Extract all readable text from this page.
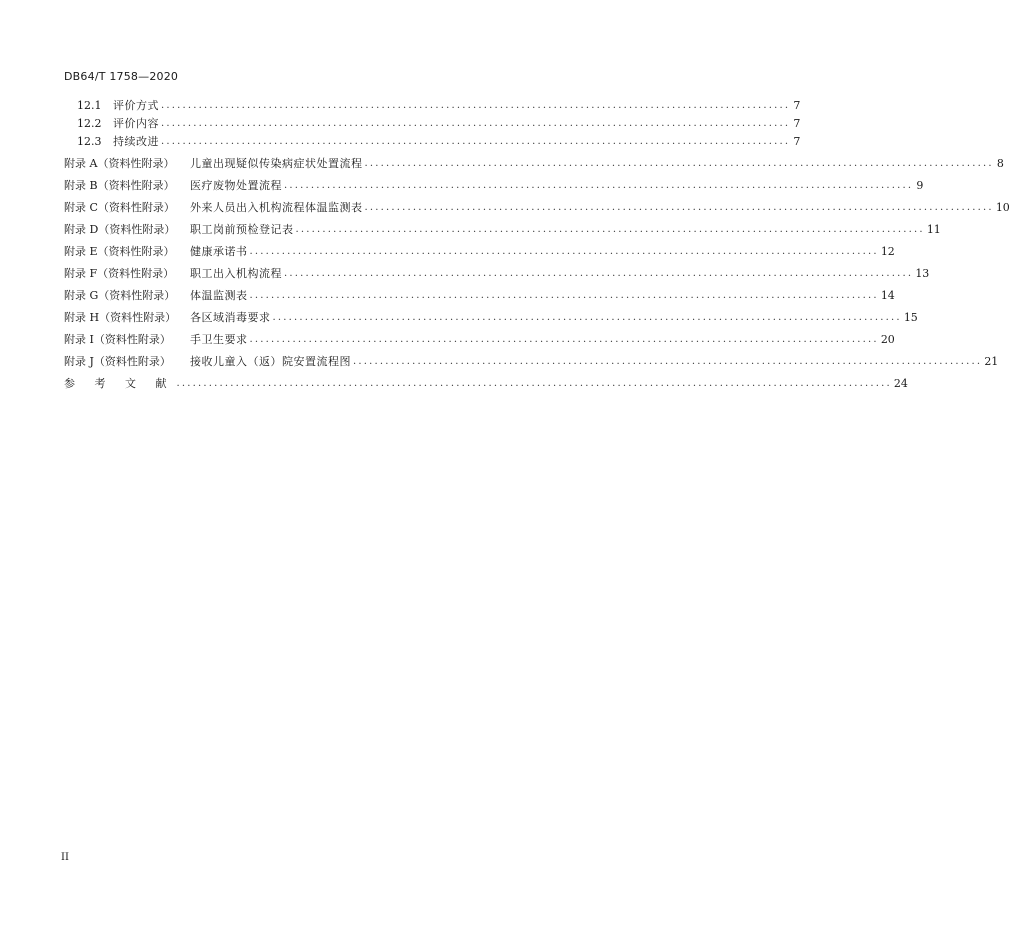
DB64/T 1758—2020
12.1	评价方式 ..................................................................................................................... 7
12.2	评价内容 ..................................................................................................................... 7
12.3	持续改进 ..................................................................................................................... 7
附录 A（资料性附录）	儿童出现疑似传染病症状处置流程 ..................................................................................................................... 8
附录 B（资料性附录）	医疗废物处置流程 ..................................................................................................................... 9
附录 C（资料性附录）	外来人员出入机构流程体温监测表 ..................................................................................................................... 10
附录 D（资料性附录）	职工岗前预检登记表 ..................................................................................................................... 11
附录 E（资料性附录）	健康承诺书 ..................................................................................................................... 12
附录 F（资料性附录）	职工出入机构流程 ..................................................................................................................... 13
附录 G（资料性附录）	体温监测表 ..................................................................................................................... 14
附录 H（资料性附录）	各区域消毒要求 ..................................................................................................................... 15
附录 I（资料性附录）	手卫生要求 ..................................................................................................................... 20
附录 J（资料性附录）	接收儿童入（返）院安置流程图 ..................................................................................................................... 21
参 考 文 献 ..................................................................................................................................... 24
II
